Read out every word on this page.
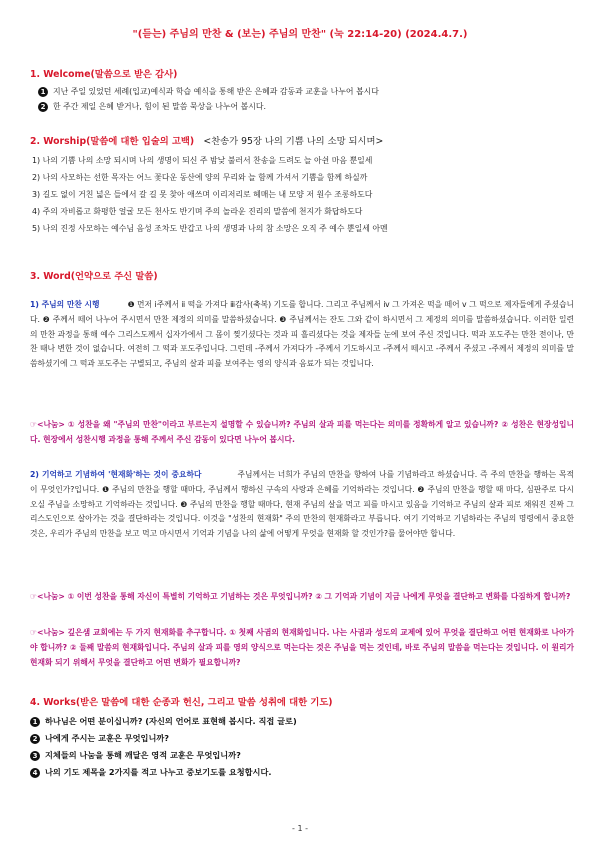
"(듣는) 주님의 만찬 & (보는) 주님의 만찬" (눅 22:14-20) (2024.4.7.)
1. Welcome(말씀으로 받은 감사)
1 지난 주일 있었던 세례(입교)예식과 학습 예식을 통해 받은 은혜과 감동과 교훈을 나누어 봅시다
2 한 주간 제일 은혜 받거나, 힘이 된 말씀 묵상을 나누어 봅시다.
2. Worship(말씀에 대한 입술의 고백) <찬송가 95장 나의 기쁨 나의 소망 되시며>
1) 나의 기쁨 나의 소망 되시며 나의 생명이 되신 주 밤낮 불러서 찬송을 드려도 늘 아쉰 마음 뿐일세
2) 나의 사모하는 선한 목자는 어느 꽃다운 동산에 양의 무리와 늘 함께 가셔서 기쁨을 함께 하실까
3) 길도 없이 거친 넓은 들에서 갈 길 못 찾아 애쓰며 이리저리로 헤매는 내 모양 저 원수 조롱하도다
4) 주의 자비롭고 화평한 얼굴 모든 천사도 반기며 주의 놀라운 진리의 말씀에 천지가 화답하도다
5) 나의 진정 사모하는 예수님 음성 조차도 반갑고 나의 생명과 나의 참 소망은 오직 주 예수 뿐일세 아멘
3. Word(언약으로 주신 말씀)
1) 주님의 만찬 시행	❶ 먼저 ⅰ주께서 ⅱ 떡을 가져다 ⅲ감사(축복) 기도를 합니다. 그리고 주님께서 ⅳ 그 가져온 떡을 떼어 ⅴ 그 떡으로 제자들에게 주셨습니다. ❷ 주께서 떼어 나누어 주시면서 만찬 제정의 의미를 말씀하셨습니다. ❸ 주님께서는 잔도 그와 같이 하시면서 그 제정의 의미를 말씀하셨습니다. 이러한 일련의 만찬 과정을 통해 예수 그리스도께서 십자가에서 그 몸이 찢기셨다는 것과 피 흘리셨다는 것을 제자들 눈에 보여 주신 것입니다. 떡과 포도주는 만찬 전이나, 만찬 때나 변한 것이 없습니다. 여전히 그 떡과 포도주입니다. 그런데 -주께서 가져다가 -주께서 기도하시고 -주께서 떼시고 -주께서 주셨고 -주께서 제정의 의미를 말씀하셨기에 그 떡과 포도주는 구별되고, 주님의 살과 피를 보여주는 영의 양식과 음료가 되는 것입니다.
☞<나눔> ① 성찬을 왜 "주님의 만찬"이라고 부르는지 설명할 수 있습니까? 주님의 살과 피를 먹는다는 의미를 정확하게 알고 있습니까? ② 성찬은 현장성입니다. 현장에서 성찬시행 과정을 통해 주께서 주신 감동이 있다면 나누어 봅시다.
2) 기억하고 기념하여 '현재화'하는 것이 중요하다	주님께서는 너희가 주님의 만찬을 향하여 나를 기념하라고 하셨습니다. 즉 주의 만찬을 행하는 목적이 무엇인가?입니다. ❶ 주님의 만찬을 행할 때마다, 주님께서 행하신 구속의 사랑과 은혜를 기억하라는 것입니다. ❷ 주님의 만찬을 행할 때 마다, 심판주로 다시 오실 주님을 소망하고 기억하라는 것입니다. ❸ 주님의 만찬을 행할 때마다, 현재 주님의 살을 먹고 피를 마시고 있음을 기억하고 주님의 살과 피로 채워진 진짜 그리스도인으로 살아가는 것을 결단하라는 것입니다. 이것을 "성찬의 현재화" 주의 만찬의 현재화라고 부릅니다. 여기 기억하고 기념하라는 주님의 명령에서 중요한 것은, 우리가 주님의 만찬을 보고 먹고 마시면서 기억과 기념을 나의 삶에 어떻게 무엇을 현재화 할 것인가?를 물어야만 합니다.
☞<나눔> ① 이번 성찬을 통해 자신이 특별히 기억하고 기념하는 것은 무엇입니까? ② 그 기억과 기념이 지금 나에게 무엇을 결단하고 변화를 다짐하게 합니까?
☞<나눔> 깊은샘 교회에는 두 가지 현재화를 추구합니다. ① 첫째 사귐의 현재화입니다. 나는 사귐과 성도의 교제에 있어 무엇을 결단하고 어떤 현재화로 나아가야 합니까? ② 둘째 말씀의 현재화입니다. 주님의 살과 피를 영의 양식으로 먹는다는 것은 주님을 먹는 것인데, 바로 주님의 말씀을 먹는다는 것입니다. 이 원리가 현재화 되기 위해서 무엇을 결단하고 어떤 변화가 필요합니까?
4. Works(받은 말씀에 대한 순종과 헌신, 그리고 말씀 성취에 대한 기도)
1 하나님은 어떤 분이십니까? (자신의 언어로 표현해 봅시다. 직접 글로)
2 나에게 주시는 교훈은 무엇입니까?
3 지체들의 나눔을 통해 깨달은 영적 교훈은 무엇입니까?
4 나의 기도 제목을 2가지를 적고 나누고 중보기도를 요청합시다.
- 1 -
